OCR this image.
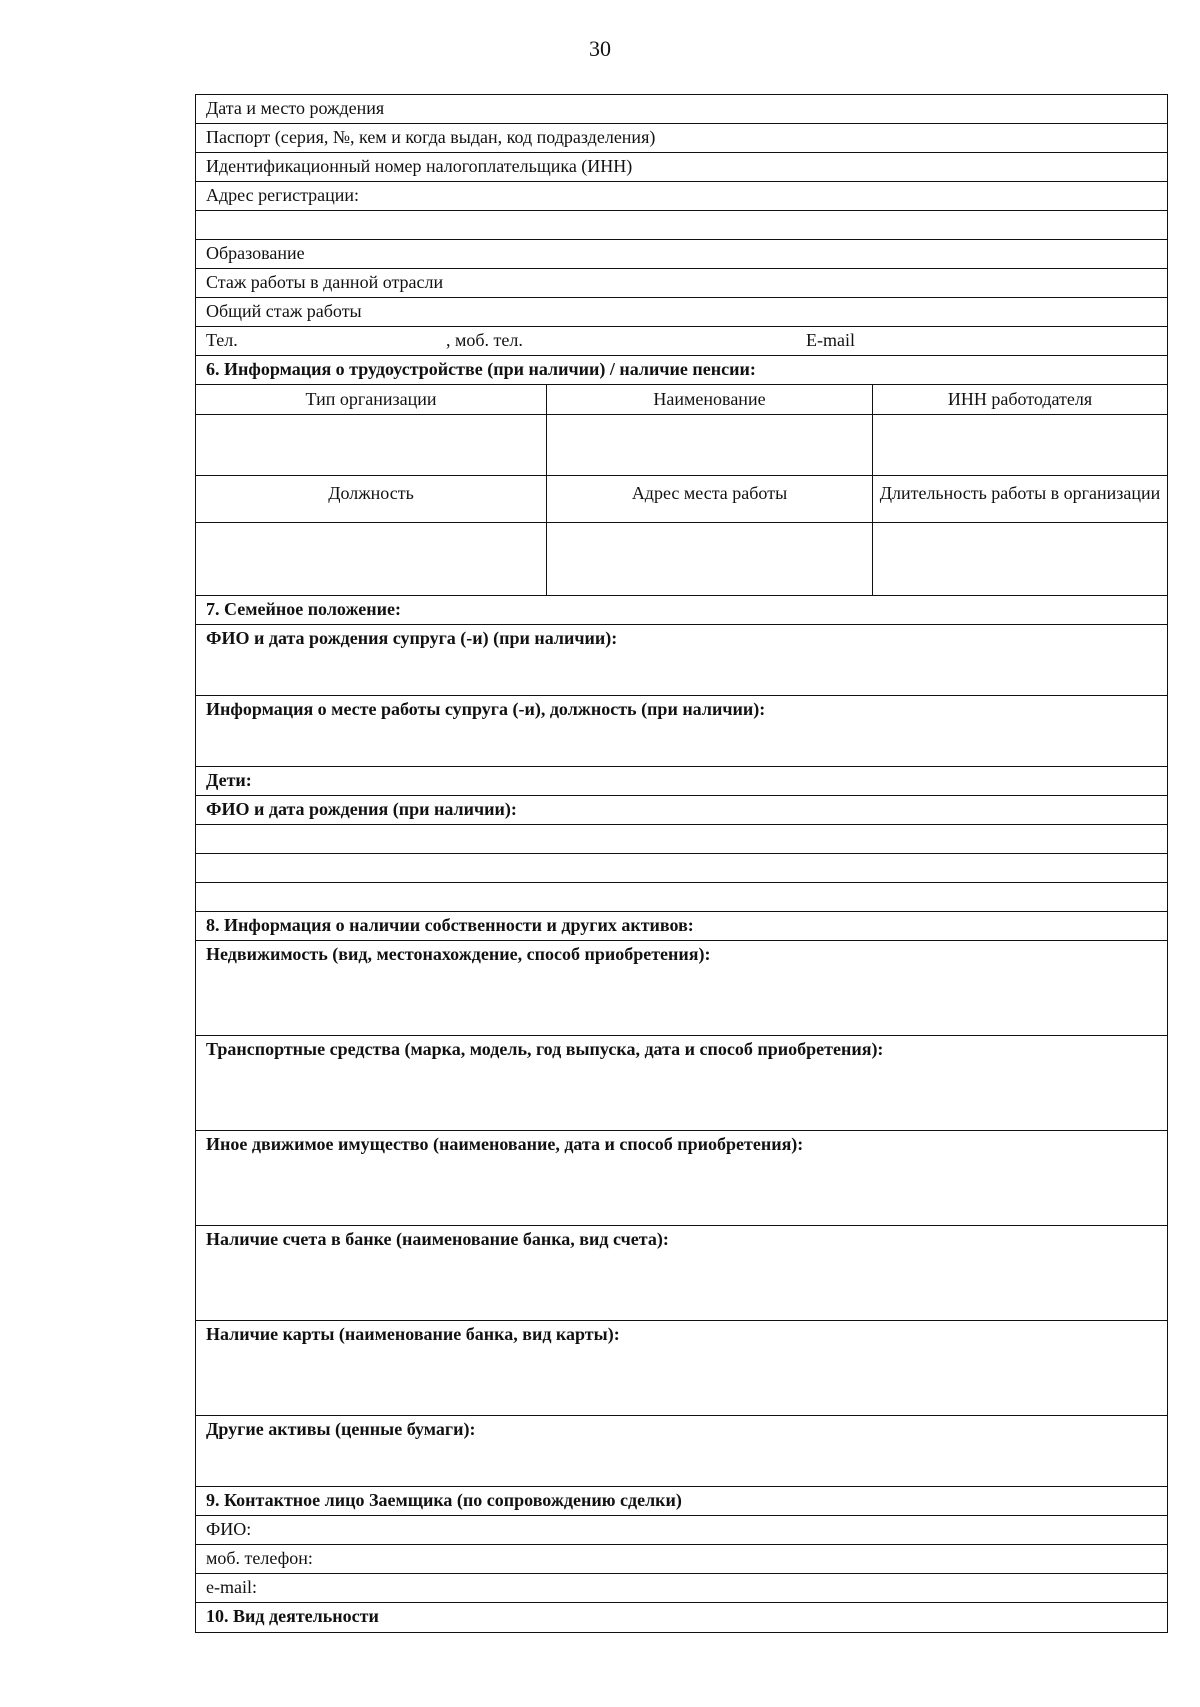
30
Дата и место рождения
Паспорт (серия, №, кем и когда выдан, код подразделения)
Идентификационный номер налогоплательщика (ИНН)
Адрес регистрации:
Образование
Стаж работы в данной отрасли
Общий стаж работы
Тел.	, моб. тел.	E-mail
6. Информация о трудоустройстве (при наличии) / наличие пенсии:
Тип организации	Наименование	ИНН работодателя
Должность	Адрес места работы	Длительность работы в организации
7. Семейное положение:
ФИО и дата рождения супруга (-и) (при наличии):
Информация о месте работы супруга (-и), должность (при наличии):
Дети:
ФИО и дата рождения (при наличии):
8. Информация о наличии собственности и других активов:
Недвижимость (вид, местонахождение, способ приобретения):
Транспортные средства (марка, модель, год выпуска, дата и способ приобретения):
Иное движимое имущество (наименование, дата и способ приобретения):
Наличие счета в банке (наименование банка, вид счета):
Наличие карты (наименование банка, вид карты):
Другие активы (ценные бумаги):
9. Контактное лицо Заемщика (по сопровождению сделки)
ФИО:
моб. телефон:
e-mail:
10. Вид деятельности
